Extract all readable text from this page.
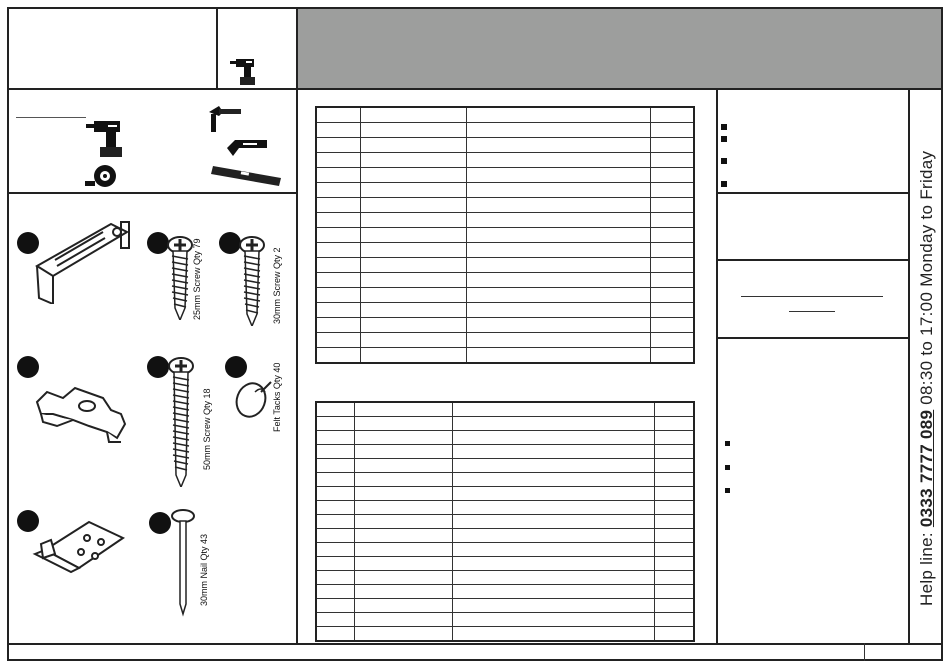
25mm Screw Qty 79	30mm Screw Qty 2
50mm Screw Qty 18	Felt Tacks Qty 40
30mm Nail Qty 43

				Help line: 0333 7777 089 08:30 to 17:00 Monday to Friday
